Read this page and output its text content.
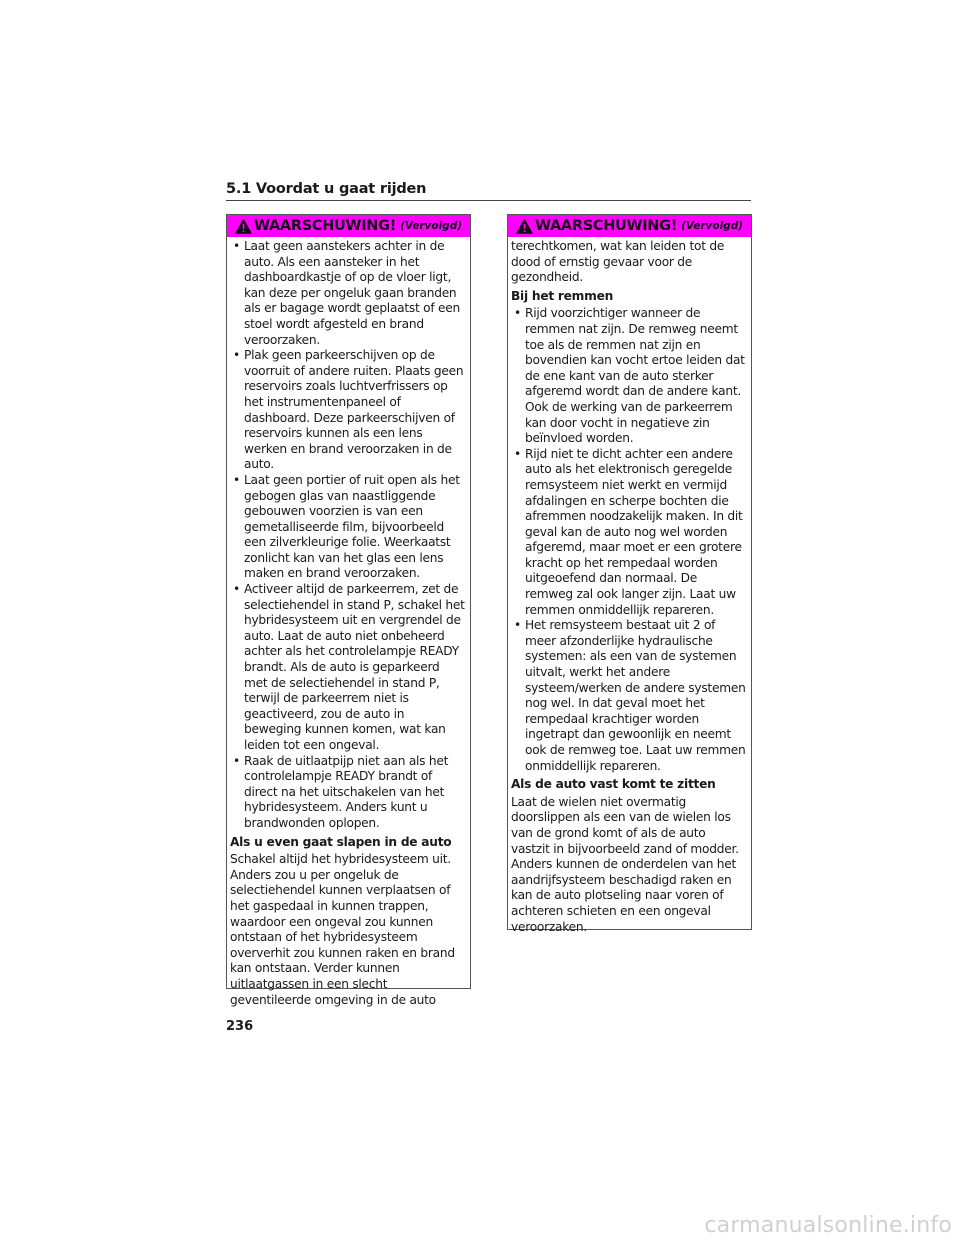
5.1 Voordat u gaat rijden
WAARSCHUWING! (Vervolgd)
• Laat geen aanstekers achter in de auto. Als een aansteker in het dashboardkastje of op de vloer ligt, kan deze per ongeluk gaan branden als er bagage wordt geplaatst of een stoel wordt afgesteld en brand veroorzaken.
• Plak geen parkeerschijven op de voorruit of andere ruiten. Plaats geen reservoirs zoals luchtverfrissers op het instrumentenpaneel of dashboard. Deze parkeerschijven of reservoirs kunnen als een lens werken en brand veroorzaken in de auto.
• Laat geen portier of ruit open als het gebogen glas van naastliggende gebouwen voorzien is van een gemetalliseerde film, bijvoorbeeld een zilverkleurige folie. Weerkaatst zonlicht kan van het glas een lens maken en brand veroorzaken.
• Activeer altijd de parkeerrem, zet de selectiehendel in stand P, schakel het hybridesysteem uit en vergrendel de auto. Laat de auto niet onbeheerd achter als het controlelampje READY brandt. Als de auto is geparkeerd met de selectiehendel in stand P, terwijl de parkeerrem niet is geactiveerd, zou de auto in beweging kunnen komen, wat kan leiden tot een ongeval.
• Raak de uitlaatpijp niet aan als het controlelampje READY brandt of direct na het uitschakelen van het hybridesysteem. Anders kunt u brandwonden oplopen.
Als u even gaat slapen in de auto

Schakel altijd het hybridesysteem uit. Anders zou u per ongeluk de selectiehendel kunnen verplaatsen of het gaspedaal in kunnen trappen, waardoor een ongeval zou kunnen ontstaan of het hybridesysteem oververhit zou kunnen raken en brand kan ontstaan. Verder kunnen uitlaatgassen in een slecht geventileerde omgeving in de auto

WAARSCHUWING! (Vervolgd)

terechtkomen, wat kan leiden tot de dood of ernstig gevaar voor de gezondheid.

Bij het remmen
• Rijd voorzichtiger wanneer de remmen nat zijn. De remweg neemt toe als de remmen nat zijn en bovendien kan vocht ertoe leiden dat de ene kant van de auto sterker afgeremd wordt dan de andere kant. Ook de werking van de parkeerrem kan door vocht in negatieve zin beïnvloed worden.
• Rijd niet te dicht achter een andere auto als het elektronisch geregelde remsysteem niet werkt en vermijd afdalingen en scherpe bochten die afremmen noodzakelijk maken. In dit geval kan de auto nog wel worden afgeremd, maar moet er een grotere kracht op het rempedaal worden uitgeoefend dan normaal. De remweg zal ook langer zijn. Laat uw remmen onmiddellijk repareren.
• Het remsysteem bestaat uit 2 of meer afzonderlijke hydraulische systemen: als een van de systemen uitvalt, werkt het andere systeem/werken de andere systemen nog wel. In dat geval moet het rempedaal krachtiger worden ingetrapt dan gewoonlijk en neemt ook de remweg toe. Laat uw remmen onmiddellijk repareren.
Als de auto vast komt te zitten

Laat de wielen niet overmatig doorslippen als een van de wielen los van de grond komt of als de auto vastzit in bijvoorbeeld zand of modder. Anders kunnen de onderdelen van het aandrijfsysteem beschadigd raken en kan de auto plotseling naar voren of achteren schieten en een ongeval veroorzaken.

236
carmanualsonline.info
